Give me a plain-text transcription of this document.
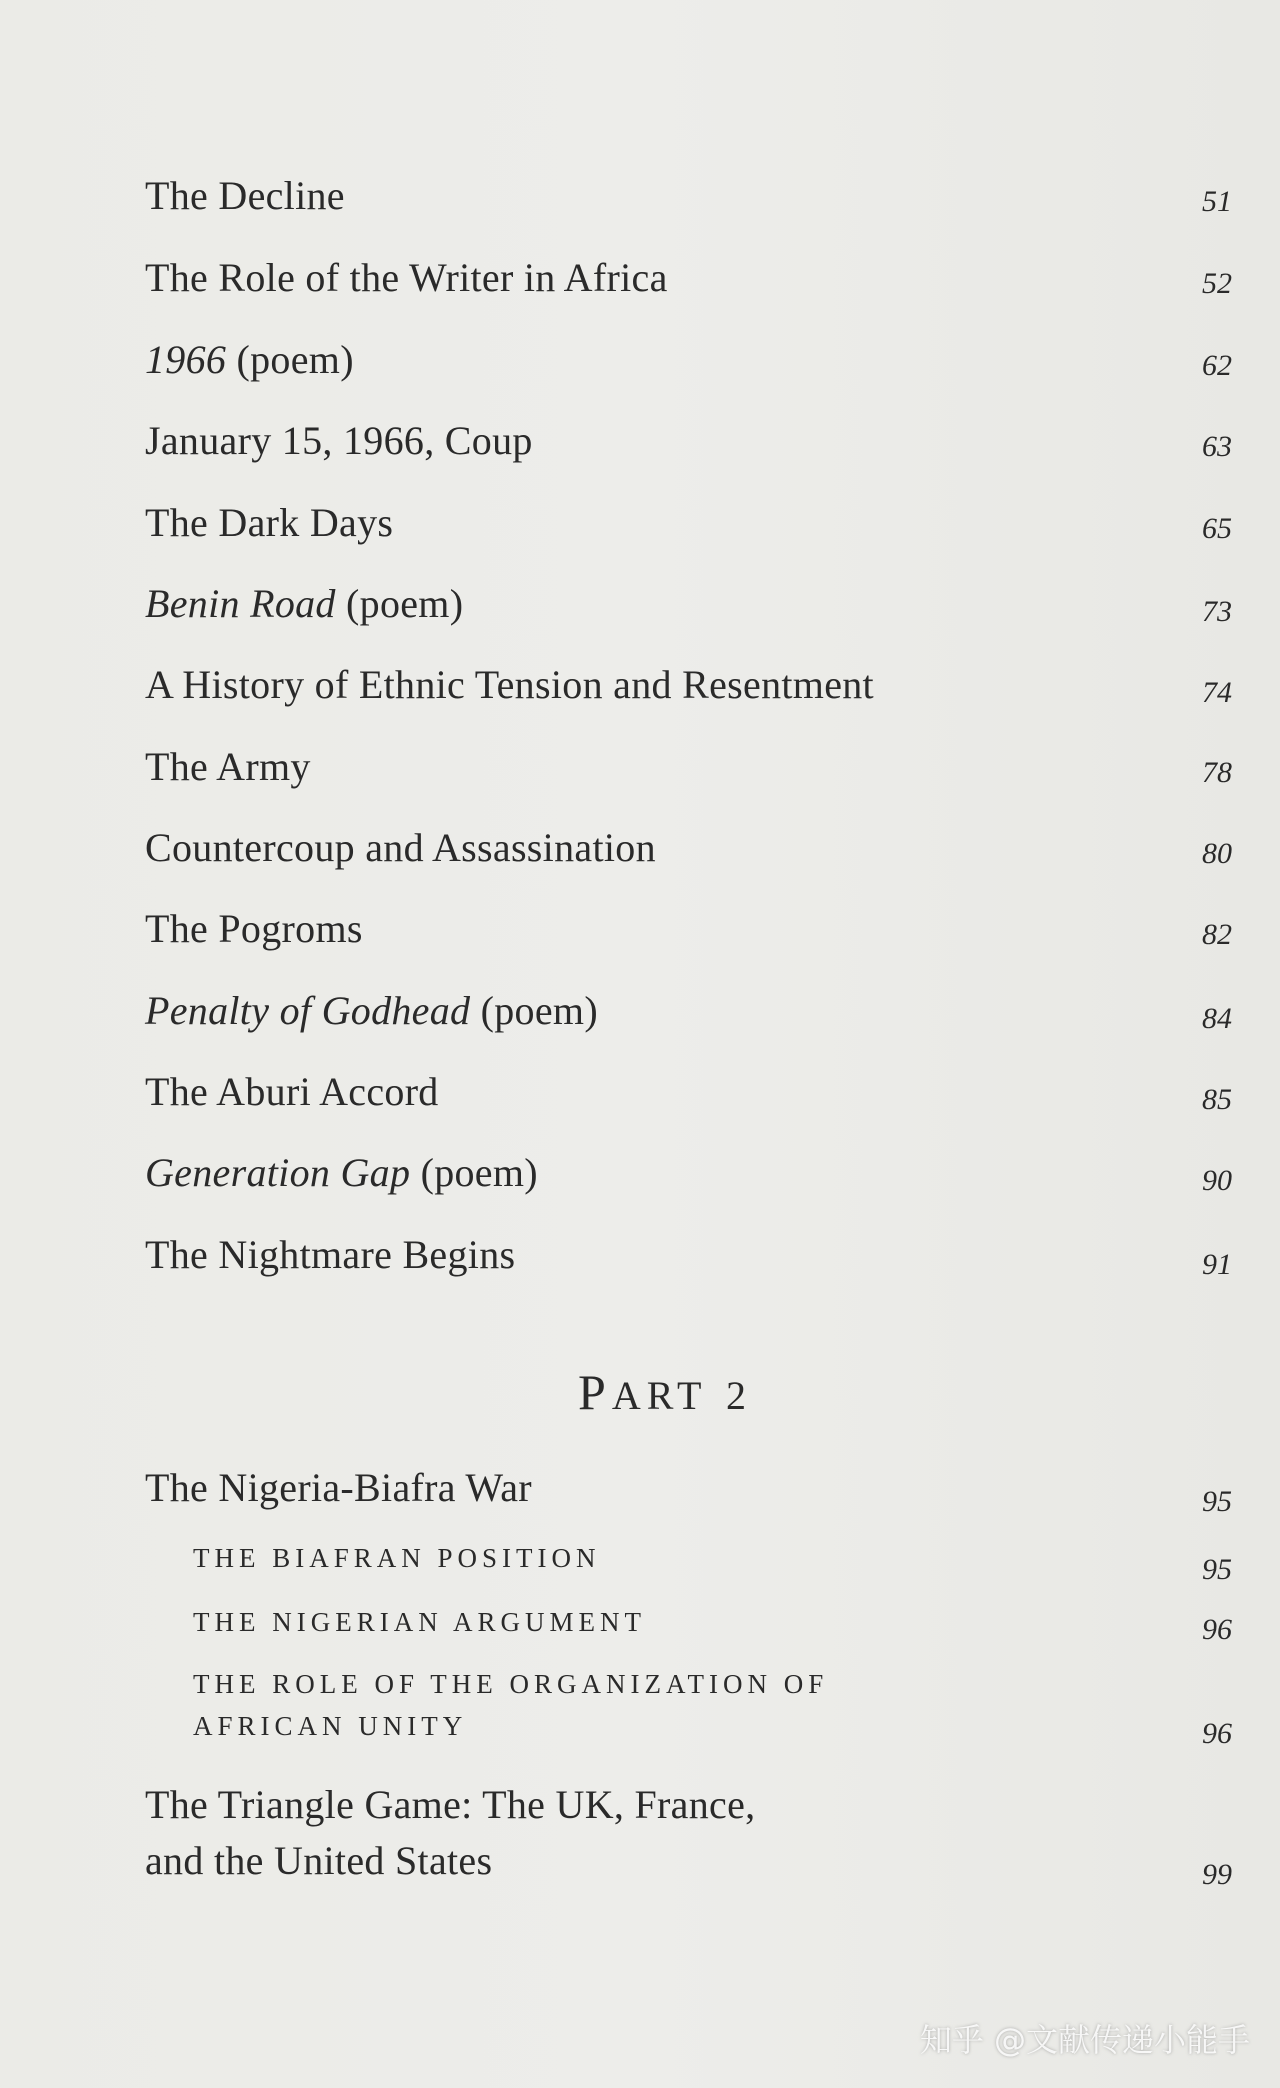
The Decline	51
The Role of the Writer in Africa	52
1966 (poem)	62
January 15, 1966, Coup	63
The Dark Days	65
Benin Road (poem)	73
A History of Ethnic Tension and Resentment	74
The Army	78
Countercoup and Assassination	80
The Pogroms	82
Penalty of Godhead (poem)	84
The Aburi Accord	85
Generation Gap (poem)	90
The Nightmare Begins	91
PART 2
The Nigeria-Biafra War	95
THE BIAFRAN POSITION	95
THE NIGERIAN ARGUMENT	96
THE ROLE OF THE ORGANIZATION OF
AFRICAN UNITY	96
The Triangle Game: The UK, France,
and the United States	99
知乎 @文献传递小能手
